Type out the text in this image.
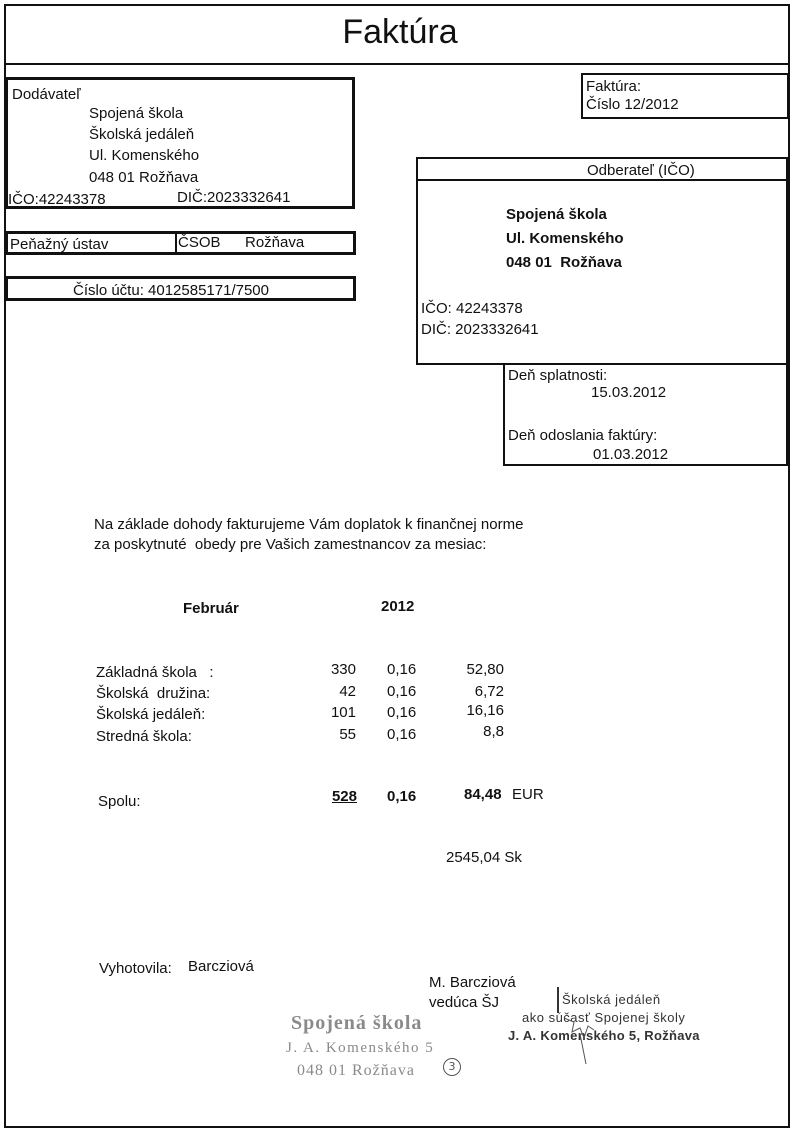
Faktúra
Dodávateľ
Spojená škola
Školská jedáleň
Ul. Komenského
048 01 Rožňava
IČO:42243378	DIČ:2023332641
Faktúra:
Číslo 12/2012
Peňažný ústav	ČSOB Rožňava
Číslo účtu: 4012585171/7500
Odberateľ (IČO)
Spojená škola
Ul. Komenského
048 01  Rožňava
IČO: 42243378
DIČ: 2023332641
Deň splatnosti:
15.03.2012
Deň odoslania faktúry:
01.03.2012
Na základe dohody fakturujeme Vám doplatok k finančnej norme
za poskytnuté  obedy pre Vašich zamestnancov za mesiac:
Február	2012
Základná škola   :	330 0,16	52,80
Školská  družina:	42 0,16	6,72
Školská jedáleň:	101 0,16	16,16
Stredná škola:	55 0,16	8,8
Spolu:	528 0,16	84,48 EUR
2545,04 Sk
Vyhotovila: Barcziová
M. Barcziová
vedúca ŠJ
Spojená škola
J. A. Komenského 5
048 01 Rožňava	3
Školská jedáleň
ako súčasť Spojenej školy
J. A. Komenského 5, Rožňava
